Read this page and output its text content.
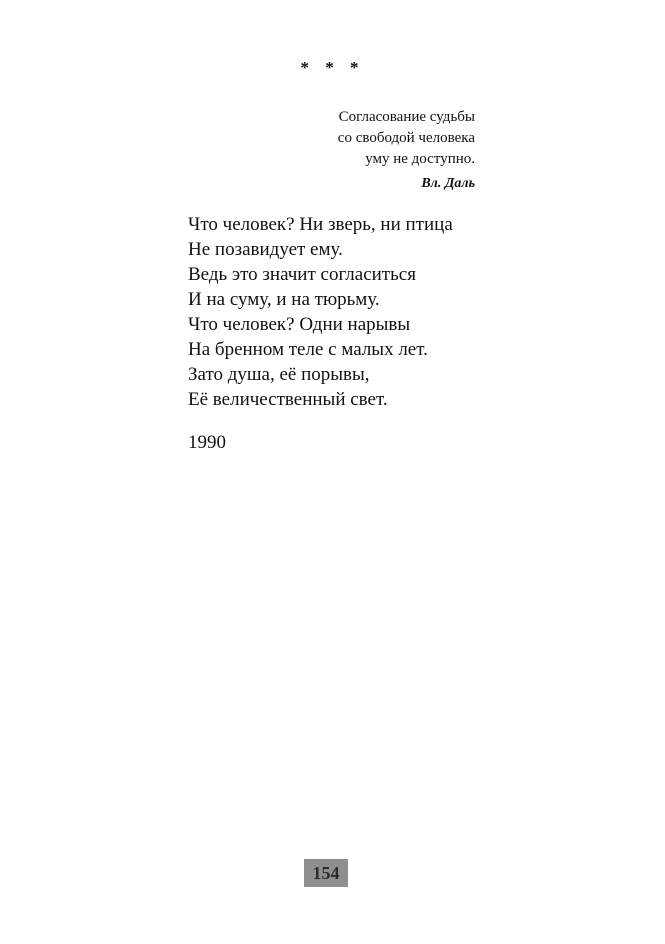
* * *
Согласование судьбы
со свободой человека
уму не доступно.
Вл. Даль
Что человек? Ни зверь, ни птица
Не позавидует ему.
Ведь это значит согласиться
И на суму, и на тюрьму.
Что человек? Одни нарывы
На бренном теле с малых лет.
Зато душа, её порывы,
Её величественный свет.
1990
154
